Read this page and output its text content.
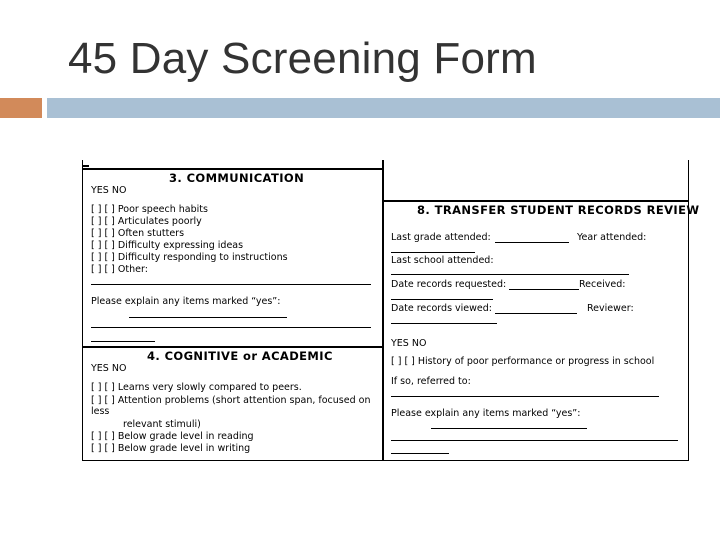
45 Day Screening Form
3. COMMUNICATION
YES NO
[ ] [ ] Poor speech habits
[ ] [ ] Articulates poorly
[ ] [ ] Often stutters
[ ] [ ] Difficulty expressing ideas
[ ] [ ] Difficulty responding to instructions
[ ] [ ] Other:
Please explain any items marked “yes”:
4. COGNITIVE or ACADEMIC
YES NO
[ ] [ ] Learns very slowly compared to peers.
[ ] [ ] Attention problems (short attention span, focused on
less
relevant stimuli)
[ ] [ ] Below grade level in reading
[ ] [ ] Below grade level in writing
8. TRANSFER STUDENT RECORDS REVIEW
Last grade attended:	Year attended:
Last school attended:
Date records requested:	Received:
Date records viewed:	Reviewer:
YES NO
[ ] [ ] History of poor performance or progress in school
If so, referred to:
Please explain any items marked “yes”:
